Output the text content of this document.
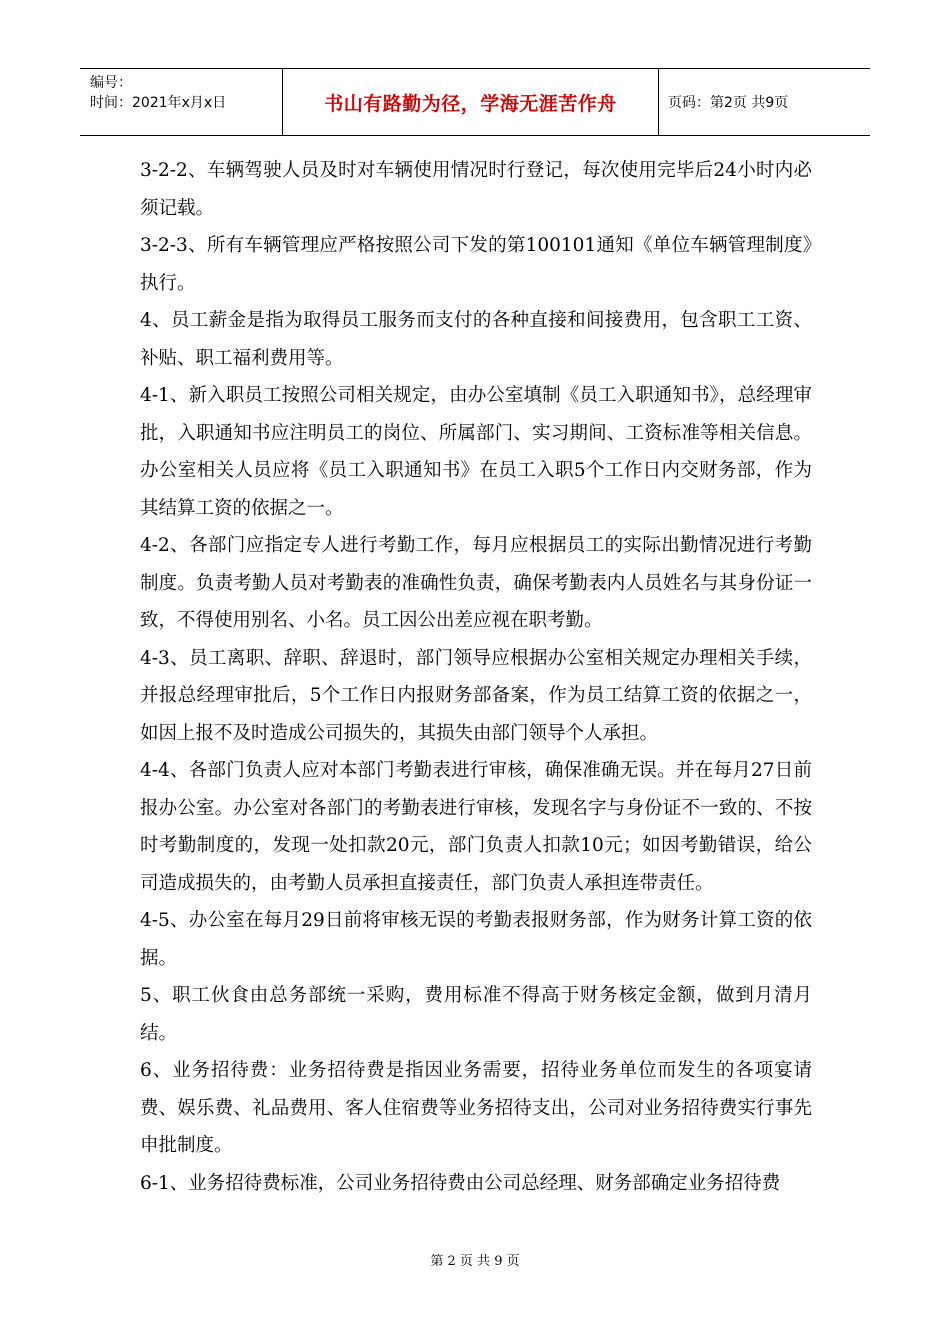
编号：
时间：2021年x月x日	书山有路勤为径，学海无涯苦作舟	页码：第2页 共9页

3-2-2、车辆驾驶人员及时对车辆使用情况时行登记，每次使用完毕后24小时内必须记载。

3-2-3、所有车辆管理应严格按照公司下发的第100101通知《单位车辆管理制度》执行。

4、员工薪金是指为取得员工服务而支付的各种直接和间接费用，包含职工工资、补贴、职工福利费用等。

4-1、新入职员工按照公司相关规定，由办公室填制《员工入职通知书》，总经理审批，入职通知书应注明员工的岗位、所属部门、实习期间、工资标准等相关信息。办公室相关人员应将《员工入职通知书》在员工入职5个工作日内交财务部，作为其结算工资的依据之一。

4-2、各部门应指定专人进行考勤工作，每月应根据员工的实际出勤情况进行考勤制度。负责考勤人员对考勤表的准确性负责，确保考勤表内人员姓名与其身份证一致，不得使用别名、小名。员工因公出差应视在职考勤。

4-3、员工离职、辞职、辞退时，部门领导应根据办公室相关规定办理相关手续，并报总经理审批后，5个工作日内报财务部备案，作为员工结算工资的依据之一，如因上报不及时造成公司损失的，其损失由部门领导个人承担。

4-4、各部门负责人应对本部门考勤表进行审核，确保准确无误。并在每月27日前报办公室。办公室对各部门的考勤表进行审核，发现名字与身份证不一致的、不按时考勤制度的，发现一处扣款20元，部门负责人扣款10元；如因考勤错误，给公司造成损失的，由考勤人员承担直接责任，部门负责人承担连带责任。

4-5、办公室在每月29日前将审核无误的考勤表报财务部，作为财务计算工资的依据。

5、职工伙食由总务部统一采购，费用标准不得高于财务核定金额，做到月清月结。

6、业务招待费：业务招待费是指因业务需要，招待业务单位而发生的各项宴请费、娱乐费、礼品费用、客人住宿费等业务招待支出，公司对业务招待费实行事先申批制度。

6-1、业务招待费标准，公司业务招待费由公司总经理、财务部确定业务招待费

第 2 页 共 9 页
